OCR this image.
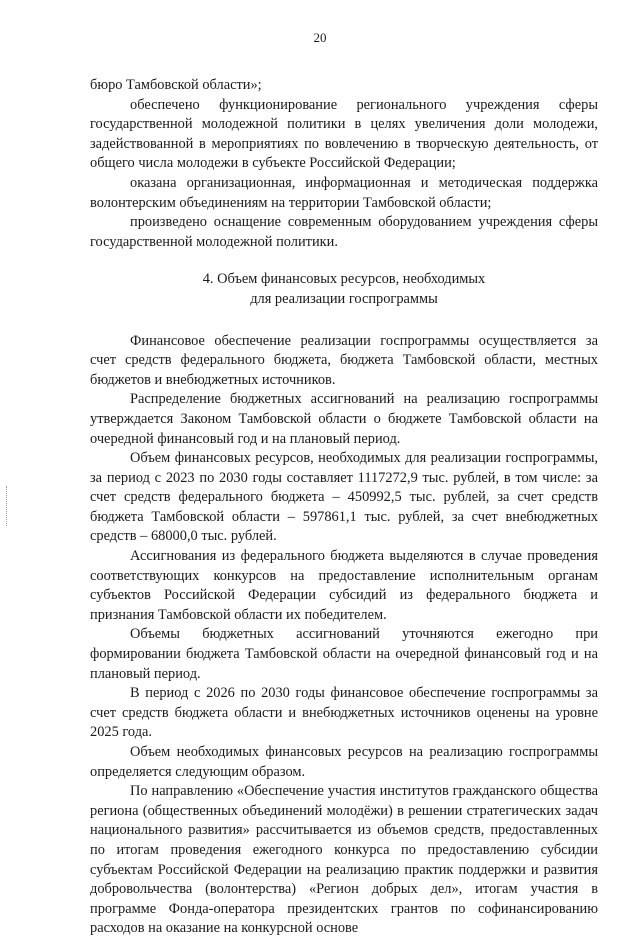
20

бюро Тамбовской области»;

обеспечено функционирование регионального учреждения сферы государственной молодежной политики в целях увеличения доли молодежи, задействованной в мероприятиях по вовлечению в творческую деятельность, от общего числа молодежи в субъекте Российской Федерации;

оказана организационная, информационная и методическая поддержка волонтерским объединениям на территории Тамбовской области;

произведено оснащение современным оборудованием учреждения сферы государственной молодежной политики.

4. Объем финансовых ресурсов, необходимых
для реализации госпрограммы

Финансовое обеспечение реализации госпрограммы осуществляется за счет средств федерального бюджета, бюджета Тамбовской области, местных бюджетов и внебюджетных источников.

Распределение бюджетных ассигнований на реализацию госпрограммы утверждается Законом Тамбовской области о бюджете Тамбовской области на очередной финансовый год и на плановый период.

Объем финансовых ресурсов, необходимых для реализации госпрограммы, за период с 2023 по 2030 годы составляет 1117272,9 тыс. рублей, в том числе: за счет средств федерального бюджета – 450992,5 тыс. рублей, за счет средств бюджета Тамбовской области – 597861,1 тыс. рублей, за счет внебюджетных средств – 68000,0 тыс. рублей.

Ассигнования из федерального бюджета выделяются в случае проведения соответствующих конкурсов на предоставление исполнительным органам субъектов Российской Федерации субсидий из федерального бюджета и признания Тамбовской области их победителем.

Объемы бюджетных ассигнований уточняются ежегодно при формировании бюджета Тамбовской области на очередной финансовый год и на плановый период.

В период с 2026 по 2030 годы финансовое обеспечение госпрограммы за счет средств бюджета области и внебюджетных источников оценены на уровне 2025 года.

Объем необходимых финансовых ресурсов на реализацию госпрограммы определяется следующим образом.

По направлению «Обеспечение участия институтов гражданского общества региона (общественных объединений молодёжи) в решении стратегических задач национального развития» рассчитывается из объемов средств, предоставленных по итогам проведения ежегодного конкурса по предоставлению субсидии субъектам Российской Федерации на реализацию практик поддержки и развития добровольчества (волонтерства) «Регион добрых дел», итогам участия в программе Фонда-оператора президентских грантов по софинансированию расходов на оказание на конкурсной основе
